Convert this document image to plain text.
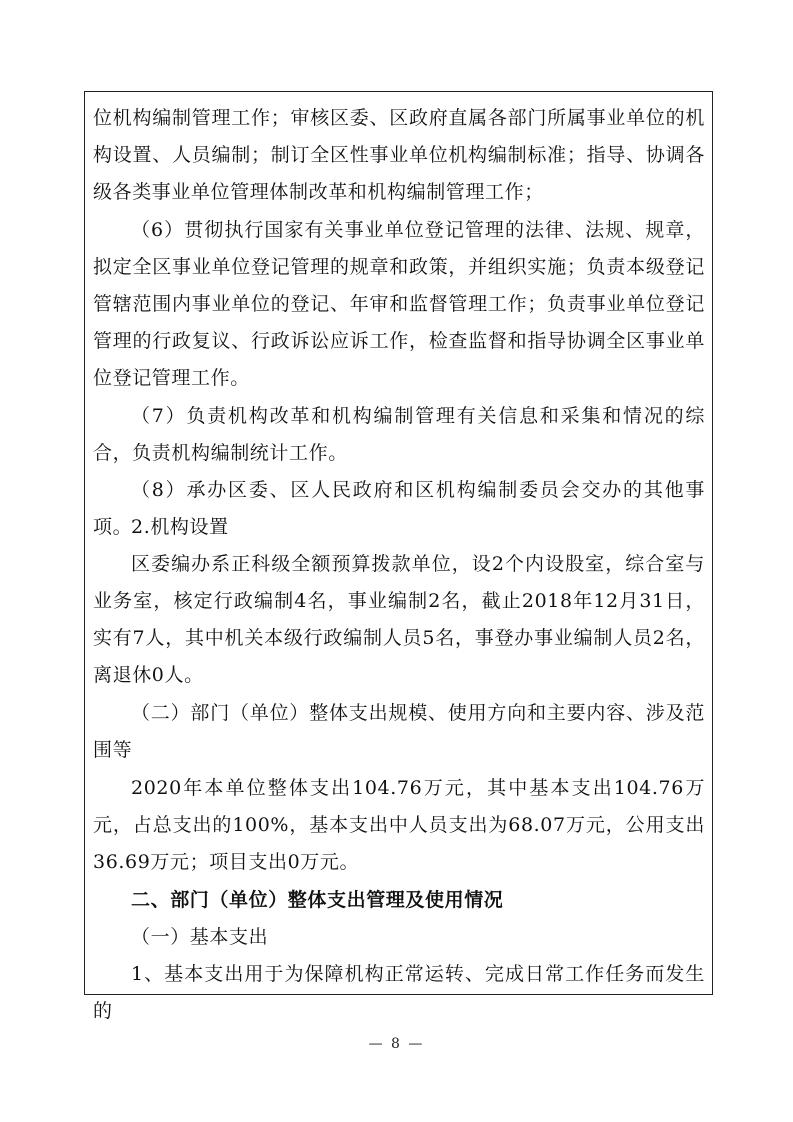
位机构编制管理工作；审核区委、区政府直属各部门所属事业单位的机构设置、人员编制；制订全区性事业单位机构编制标准；指导、协调各级各类事业单位管理体制改革和机构编制管理工作；

（6）贯彻执行国家有关事业单位登记管理的法律、法规、规章，拟定全区事业单位登记管理的规章和政策，并组织实施；负责本级登记管辖范围内事业单位的登记、年审和监督管理工作；负责事业单位登记管理的行政复议、行政诉讼应诉工作，检查监督和指导协调全区事业单位登记管理工作。

（7）负责机构改革和机构编制管理有关信息和采集和情况的综合，负责机构编制统计工作。

（8）承办区委、区人民政府和区机构编制委员会交办的其他事项。

2.机构设置

区委编办系正科级全额预算拨款单位，设2个内设股室，综合室与业务室，核定行政编制4名，事业编制2名，截止2018年12月31日，实有7人，其中机关本级行政编制人员5名，事登办事业编制人员2名，离退休0人。

（二）部门（单位）整体支出规模、使用方向和主要内容、涉及范围等

2020年本单位整体支出104.76万元，其中基本支出104.76万元，占总支出的100%，基本支出中人员支出为68.07万元，公用支出36.69万元；项目支出0万元。

二、部门（单位）整体支出管理及使用情况

（一）基本支出

1、基本支出用于为保障机构正常运转、完成日常工作任务而发生的

— 8 —
